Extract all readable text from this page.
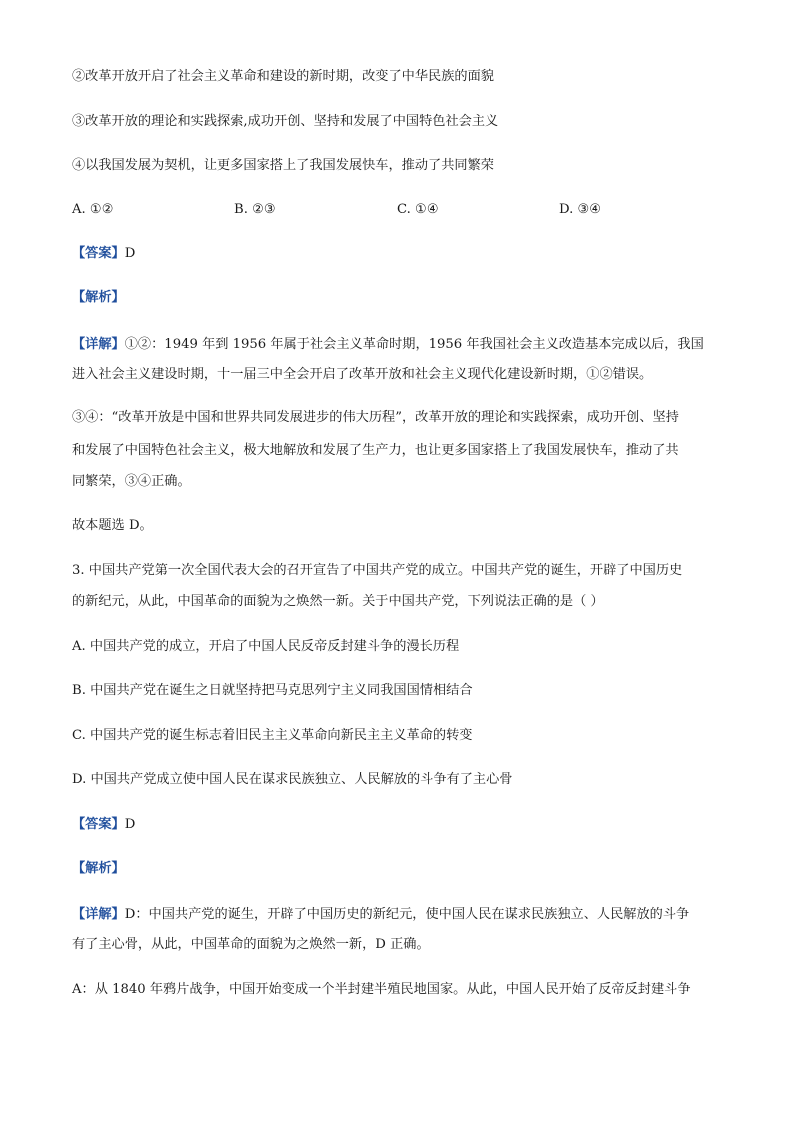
②改革开放开启了社会主义革命和建设的新时期，改变了中华民族的面貌
③改革开放的理论和实践探索,成功开创、坚持和发展了中国特色社会主义
④以我国发展为契机，让更多国家搭上了我国发展快车，推动了共同繁荣
A. ①②	B. ②③	C. ①④	D. ③④
【答案】D
【解析】
【详解】①②：1949 年到 1956 年属于社会主义革命时期，1956 年我国社会主义改造基本完成以后，我国
进入社会主义建设时期，十一届三中全会开启了改革开放和社会主义现代化建设新时期，①②错误。
③④：“改革开放是中国和世界共同发展进步的伟大历程”，改革开放的理论和实践探索，成功开创、坚持
和发展了中国特色社会主义，极大地解放和发展了生产力，也让更多国家搭上了我国发展快车，推动了共
同繁荣，③④正确。
故本题选 D。
3. 中国共产党第一次全国代表大会的召开宣告了中国共产党的成立。中国共产党的诞生，开辟了中国历史
的新纪元，从此，中国革命的面貌为之焕然一新。关于中国共产党，下列说法正确的是（ ）
A. 中国共产党的成立，开启了中国人民反帝反封建斗争的漫长历程
B. 中国共产党在诞生之日就坚持把马克思列宁主义同我国国情相结合
C. 中国共产党的诞生标志着旧民主主义革命向新民主主义革命的转变
D. 中国共产党成立使中国人民在谋求民族独立、人民解放的斗争有了主心骨
【答案】D
【解析】
【详解】D：中国共产党的诞生，开辟了中国历史的新纪元，使中国人民在谋求民族独立、人民解放的斗争
有了主心骨，从此，中国革命的面貌为之焕然一新，D 正确。
A：从 1840 年鸦片战争，中国开始变成一个半封建半殖民地国家。从此，中国人民开始了反帝反封建斗争
